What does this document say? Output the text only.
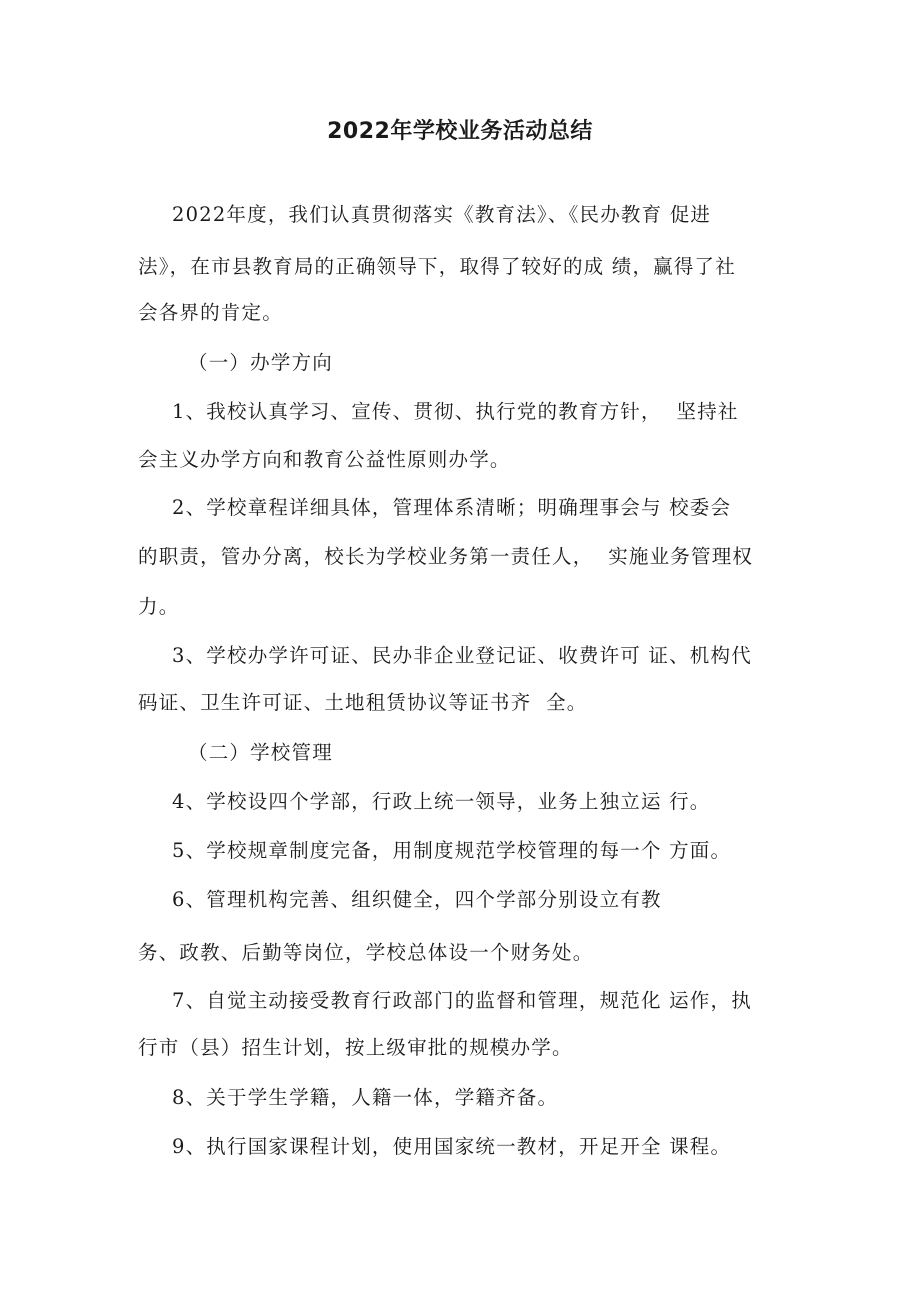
2022年学校业务活动总结
2022年度，我们认真贯彻落实《教育法》、《民办教育 促进
法》，在市县教育局的正确领导下，取得了较好的成 绩，赢得了社
会各界的肯定。
（一）办学方向
1、我校认真学习、宣传、贯彻、执行党的教育方针，  坚持社
会主义办学方向和教育公益性原则办学。
2、学校章程详细具体，管理体系清晰；明确理事会与 校委会
的职责，管办分离，校长为学校业务第一责任人，  实施业务管理权
力。
3、学校办学许可证、民办非企业登记证、收费许可 证、机构代
码证、卫生许可证、土地租赁协议等证书齐  全。
（二）学校管理
4、学校设四个学部，行政上统一领导，业务上独立运 行。
5、学校规章制度完备，用制度规范学校管理的每一个 方面。
6、管理机构完善、组织健全，四个学部分别设立有教
务、政教、后勤等岗位，学校总体设一个财务处。
7、自觉主动接受教育行政部门的监督和管理，规范化 运作，执
行市（县）招生计划，按上级审批的规模办学。
8、关于学生学籍，人籍一体，学籍齐备。
9、执行国家课程计划，使用国家统一教材，开足开全 课程。
